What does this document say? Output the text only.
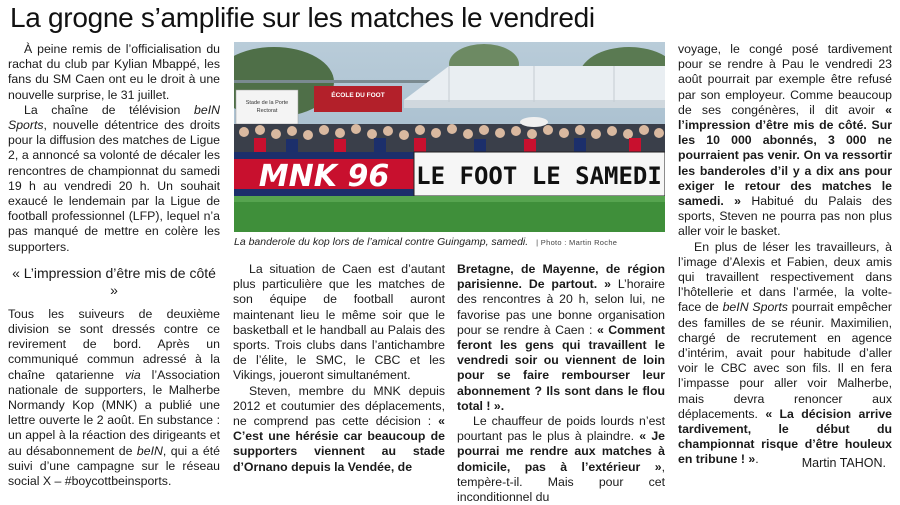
La grogne s’amplifie sur les matches le vendredi

À peine remis de l’officialisation du rachat du club par Kylian Mbappé, les fans du SM Caen ont eu le droit à une nouvelle surprise, le 31 juillet.

La chaîne de télévision beIN Sports, nouvelle détentrice des droits pour la diffusion des matches de Ligue 2, a annoncé sa volonté de décaler les rencontres de championnat du samedi 19 h au vendredi 20 h. Un souhait exaucé le lendemain par la Ligue de football professionnel (LFP), lequel n’a pas manqué de mettre en colère les supporters.

« L’impression d’être mis de côté »

Tous les suiveurs de deuxième division se sont dressés contre ce revirement de bord. Après un communiqué commun adressé à la chaîne qatarienne via l’Association nationale de supporters, le Malherbe Normandy Kop (MNK) a publié une lettre ouverte le 2 août. En substance : un appel à la réaction des dirigeants et au désabonnement de beIN, qui a été suivi d’une campagne sur le réseau social X – #boycottbeinsports.

Stade de la Porte
Rectorat
ÉCOLE DU FOOT
MNK 96 LE FOOT LE SAMEDI
La banderole du kop lors de l’amical contre Guingamp, samedi. | Photo : Martin Roche

La situation de Caen est d’autant plus particulière que les matches de son équipe de football auront maintenant lieu le même soir que le basketball et le handball au Palais des sports. Trois clubs dans l’antichambre de l’élite, le SMC, le CBC et les Vikings, joueront simultanément.

Steven, membre du MNK depuis 2012 et coutumier des déplacements, ne comprend pas cette décision : « C’est une hérésie car beaucoup de supporters viennent au stade d’Ornano depuis la Vendée, de

Bretagne, de Mayenne, de région parisienne. De partout. » L’horaire des rencontres à 20 h, selon lui, ne favorise pas une bonne organisation pour se rendre à Caen : « Comment feront les gens qui travaillent le vendredi soir ou viennent de loin pour se faire rembourser leur abonnement ? Ils sont dans le flou total ! ».

Le chauffeur de poids lourds n’est pourtant pas le plus à plaindre. « Je pourrai me rendre aux matches à domicile, pas à l’extérieur », tempère-t-il. Mais pour cet inconditionnel du

voyage, le congé posé tardivement pour se rendre à Pau le vendredi 23 août pourrait par exemple être refusé par son employeur. Comme beaucoup de ses congénères, il dit avoir « l’impression d’être mis de côté. Sur les 10 000 abonnés, 3 000 ne pourraient pas venir. On va ressortir les banderoles d’il y a dix ans pour exiger le retour des matches le samedi. » Habitué du Palais des sports, Steven ne pourra pas non plus aller voir le basket.

En plus de léser les travailleurs, à l’image d’Alexis et Fabien, deux amis qui travaillent respectivement dans l’hôtellerie et dans l’armée, la volte-face de beIN Sports pourrait empêcher des familles de se réunir. Maximilien, chargé de recrutement en agence d’intérim, avait pour habitude d’aller voir le CBC avec son fils. Il en fera l’impasse pour aller voir Malherbe, mais devra renoncer aux déplacements. « La décision arrive tardivement, le début du championnat risque d’être houleux en tribune ! ».	Martin TAHON.
